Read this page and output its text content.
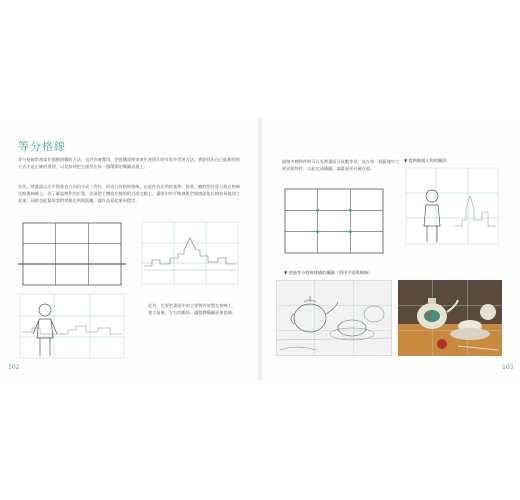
等分格線
等分格線常被當作描繪建構的方法，也許你會覺得，把建構原理拿來生產照片時有很多學習方法，實際找出自己能夠用的方式才是正確的道理，以及如何把它運用在每一個環節的構圖表現上。
首先，將畫面以水平與垂直方向切分成三等份，形成九宮格的格線，以此作為比例的基準。接著，隨時把注意力放在格線交點與線條上，為了確認物件的位置，必須把主體放在線的附近或交點上，畫面中的平衡感與空間感就能比較容易地建立起來；同時也能幫助我們掌握比例與距離，讓作品看起來更穩定。
此外，也要把畫面中的主要物件放置在格線上，建立前後、左右的關係，讓整體構圖更加協調。
102
描繪多種物件時可以先將畫面分成數等份，並在每一個區塊中大致安排物件，以此完成構圖，讓畫面更具層次感。
▼ 當格線與人物的關係。
▼ 透過等分格線建構的構圖（利用平面與線條）
103
